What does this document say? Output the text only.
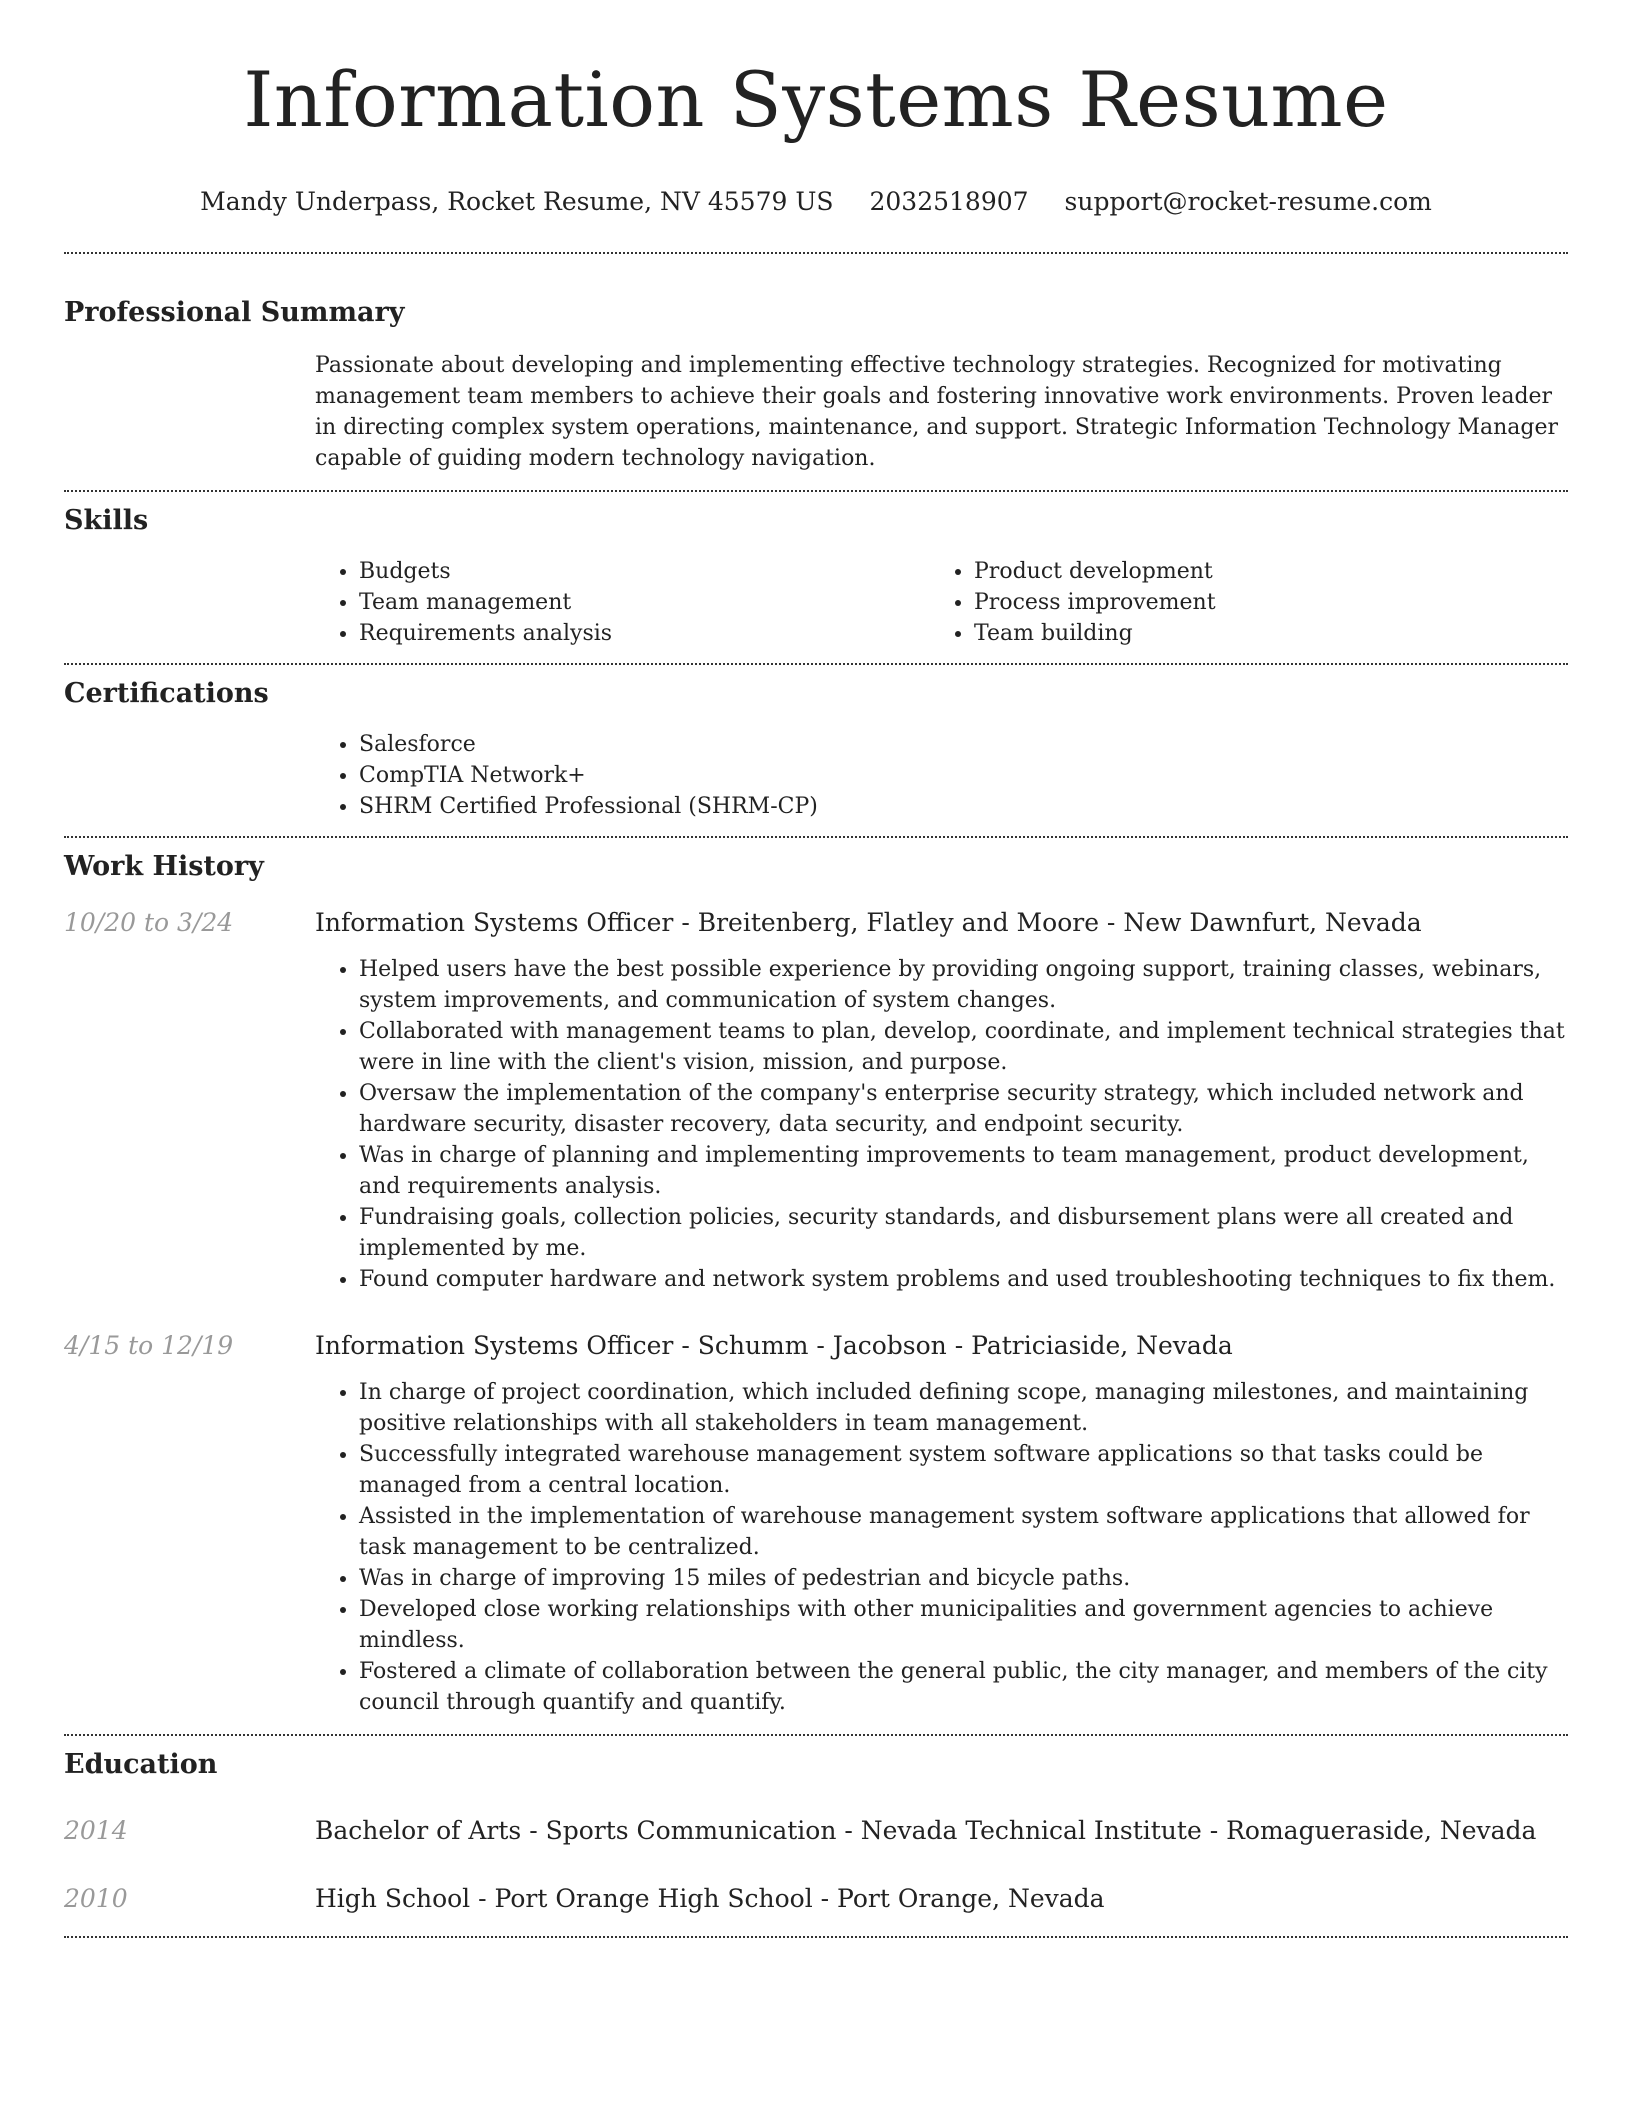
Information Systems Resume
Mandy Underpass, Rocket Resume, NV 45579 US 2032518907 support@rocket-resume.com
Professional Summary
Passionate about developing and implementing effective technology strategies. Recognized for motivating management team members to achieve their goals and fostering innovative work environments. Proven leader in directing complex system operations, maintenance, and support. Strategic Information Technology Manager capable of guiding modern technology navigation.
Skills
• Budgets
• Team management
• Requirements analysis
• Product development
• Process improvement
• Team building
Certifications
• Salesforce
• CompTIA Network+
• SHRM Certified Professional (SHRM-CP)
Work History
10/20 to 3/24	Information Systems Officer - Breitenberg, Flatley and Moore - New Dawnfurt, Nevada
• Helped users have the best possible experience by providing ongoing support, training classes, webinars, system improvements, and communication of system changes.
• Collaborated with management teams to plan, develop, coordinate, and implement technical strategies that were in line with the client's vision, mission, and purpose.
• Oversaw the implementation of the company's enterprise security strategy, which included network and hardware security, disaster recovery, data security, and endpoint security.
• Was in charge of planning and implementing improvements to team management, product development, and requirements analysis.
• Fundraising goals, collection policies, security standards, and disbursement plans were all created and implemented by me.
• Found computer hardware and network system problems and used troubleshooting techniques to fix them.
4/15 to 12/19	Information Systems Officer - Schumm - Jacobson - Patriciaside, Nevada
• In charge of project coordination, which included defining scope, managing milestones, and maintaining positive relationships with all stakeholders in team management.
• Successfully integrated warehouse management system software applications so that tasks could be managed from a central location.
• Assisted in the implementation of warehouse management system software applications that allowed for task management to be centralized.
• Was in charge of improving 15 miles of pedestrian and bicycle paths.
• Developed close working relationships with other municipalities and government agencies to achieve mindless.
• Fostered a climate of collaboration between the general public, the city manager, and members of the city council through quantify and quantify.
Education
2014	Bachelor of Arts - Sports Communication - Nevada Technical Institute - Romagueraside, Nevada
2010	High School - Port Orange High School - Port Orange, Nevada
